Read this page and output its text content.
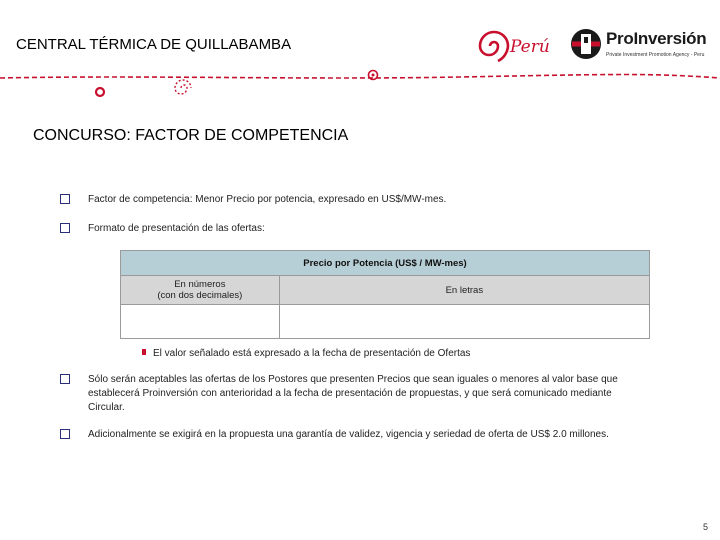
CENTRAL TÉRMICA DE QUILLABAMBA	Perú	ProInversión
Private Investment Promotion Agency - Peru
CONCURSO: FACTOR DE COMPETENCIA
Factor de competencia: Menor Precio por potencia, expresado en US$/MW-mes.
Formato de presentación de las ofertas:
Precio por Potencia (US$ / MW-mes)	
En números
(con dos decimales)	En letras

El valor señalado está expresado a la fecha de presentación de Ofertas
Sólo serán aceptables las ofertas de los Postores que presenten Precios que sean iguales o menores al valor base que establecerá Proinversión con anterioridad a la fecha de presentación de propuestas, y que será comunicado mediante Circular.
Adicionalmente se exigirá en la propuesta una garantía de validez, vigencia y seriedad de oferta de US$ 2.0 millones.
5
